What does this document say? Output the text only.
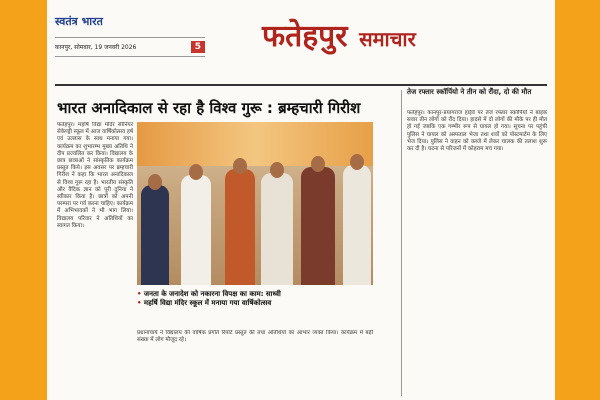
स्वतंत्र भारत
कानपुर, सोमवार, 19 जनवरी 2026	5 फतेहपुर समाचार
भारत अनादिकाल से रहा है विश्व गुरू : ब्रम्हचारी गिरीश
फतेहपुर। महर्षि विद्या मंदिर सीनियर सेकेण्ड्री स्कूल में आज वार्षिकोत्सव हर्ष एवं उल्लास के साथ मनाया गया। कार्यक्रम का शुभारम्भ मुख्य अतिथि ने दीप प्रज्वलित कर किया। विद्यालय के छात्र छात्राओं ने सांस्कृतिक कार्यक्रम प्रस्तुत किये। इस अवसर पर ब्रम्हचारी गिरीश ने कहा कि भारत अनादिकाल से विश्व गुरू रहा है। भारतीय संस्कृति और वैदिक ज्ञान को पूरी दुनिया ने स्वीकार किया है। छात्रों को अपनी परम्परा पर गर्व करना चाहिए। कार्यक्रम में अभिभावकों ने भी भाग लिया। विद्यालय परिवार ने अतिथियों का स्वागत किया।
• जनता के जनादेश को नकारना विपक्ष का काम: साध्वी
• महर्षि विद्या मंदिर स्कूल में मनाया गया वार्षिकोत्सव
प्रधानाचार्य ने विद्यालय की वार्षिक प्रगति रिपोर्ट प्रस्तुत की तथा अतिथियों का आभार व्यक्त किया। कार्यक्रम में बड़ी संख्या में लोग मौजूद रहे।
तेज रफ्तार स्कॉर्पियो ने तीन को रौंदा, दो की मौत
फतेहपुर। कानपुर-प्रयागराज हाईवे पर तेज रफ्तार स्कॉर्पियो ने बाइक सवार तीन लोगों को रौंद दिया। हादसे में दो लोगों की मौके पर ही मौत हो गई जबकि एक गम्भीर रूप से घायल हो गया। सूचना पर पहुंची पुलिस ने घायल को अस्पताल भेजा तथा शवों को पोस्टमार्टम के लिए भेज दिया। पुलिस ने वाहन को कब्जे में लेकर चालक की तलाश शुरू कर दी है। घटना से परिजनों में कोहराम मच गया।
